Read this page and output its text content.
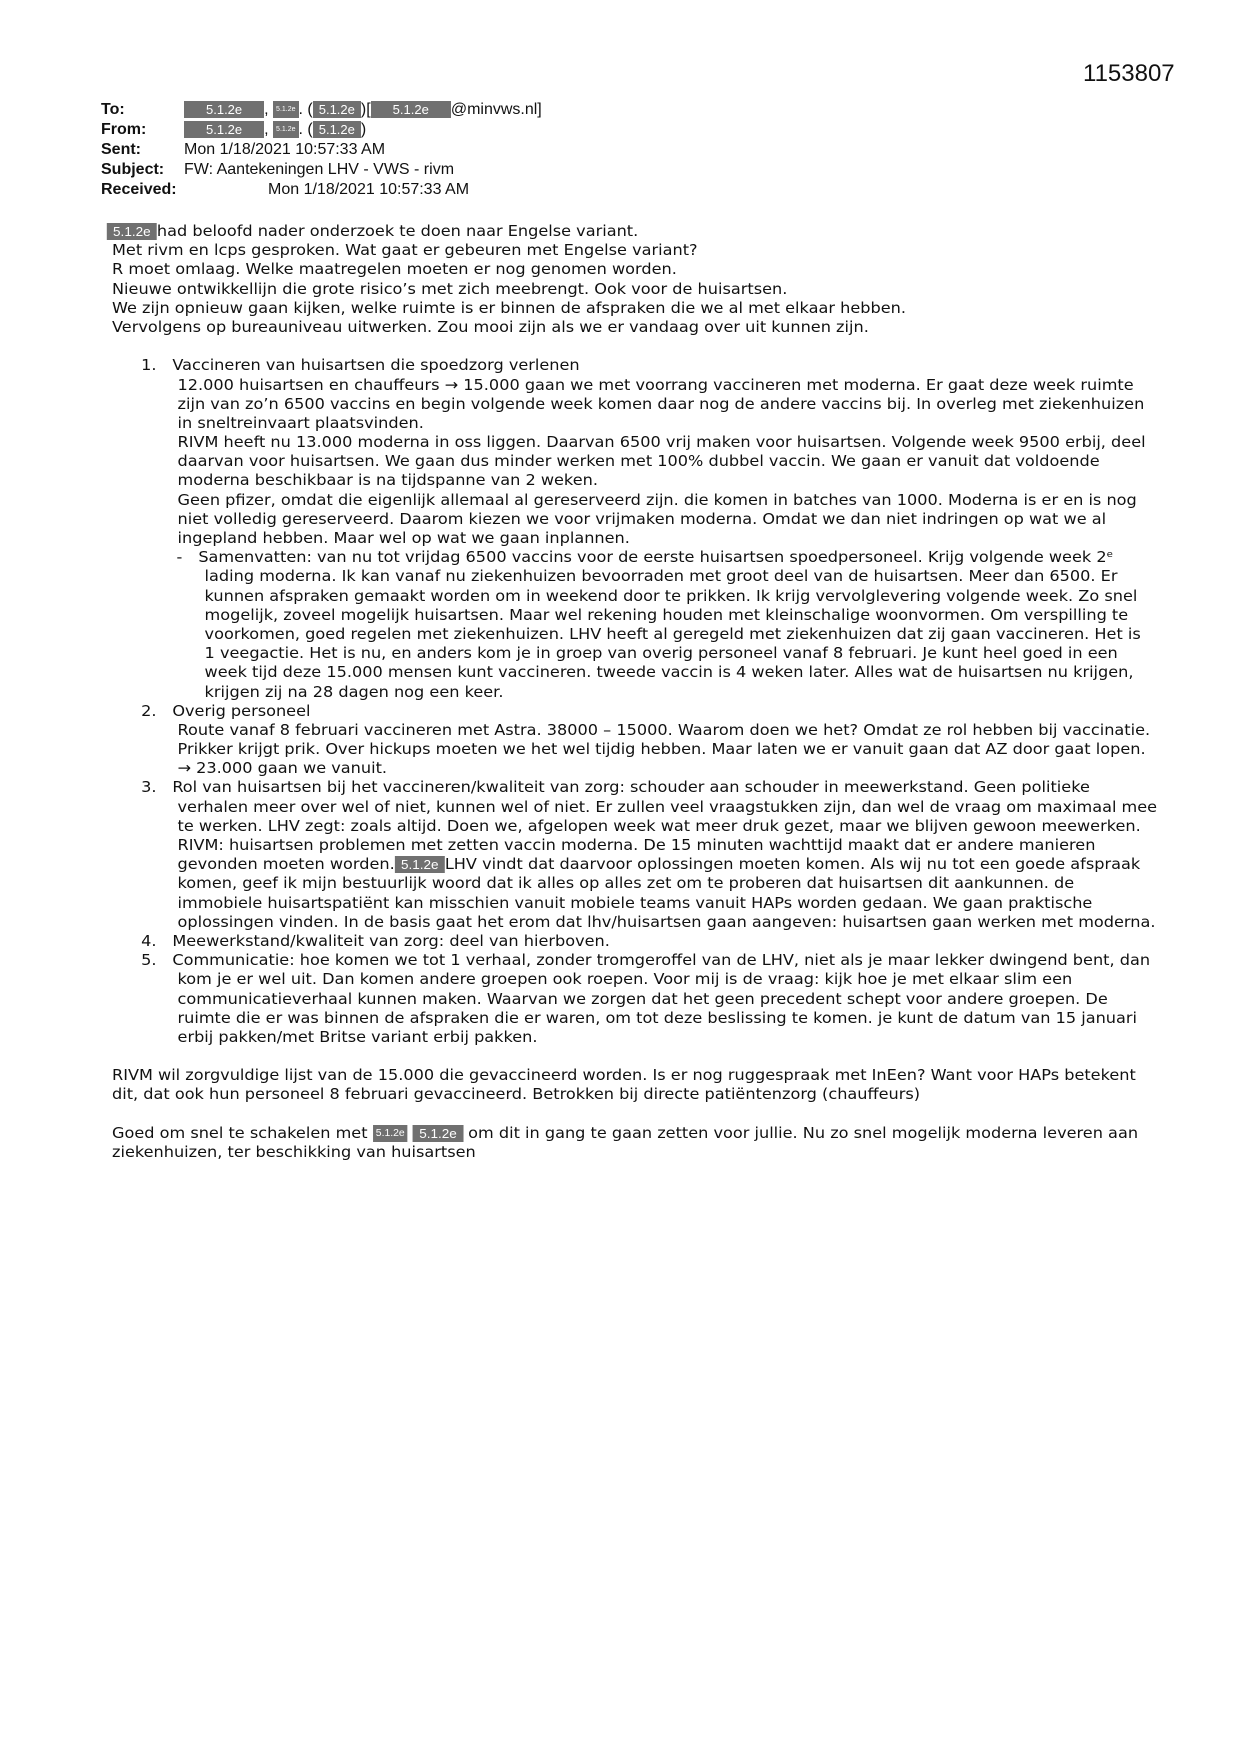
1153807
To:	5.1.2e , 5.1.2e . ( 5.1.2e )[ 5.1.2e @minvws.nl]
From:	5.1.2e , 5.1.2e . ( 5.1.2e )
Sent:	Mon 1/18/2021 10:57:33 AM
Subject:	FW: Aantekeningen LHV - VWS - rivm
Received:	Mon 1/18/2021 10:57:33 AM
5.1.2e had beloofd nader onderzoek te doen naar Engelse variant.
Met rivm en lcps gesproken. Wat gaat er gebeuren met Engelse variant?
R moet omlaag. Welke maatregelen moeten er nog genomen worden.
Nieuwe ontwikkellijn die grote risico’s met zich meebrengt. Ook voor de huisartsen.
We zijn opnieuw gaan kijken, welke ruimte is er binnen de afspraken die we al met elkaar hebben.
Vervolgens op bureauniveau uitwerken. Zou mooi zijn als we er vandaag over uit kunnen zijn.
1. Vaccineren van huisartsen die spoedzorg verlenen
12.000 huisartsen en chauffeurs → 15.000 gaan we met voorrang vaccineren met moderna. Er gaat deze week ruimte
zijn van zo’n 6500 vaccins en begin volgende week komen daar nog de andere vaccins bij. In overleg met ziekenhuizen
in sneltreinvaart plaatsvinden.
RIVM heeft nu 13.000 moderna in oss liggen. Daarvan 6500 vrij maken voor huisartsen. Volgende week 9500 erbij, deel
daarvan voor huisartsen. We gaan dus minder werken met 100% dubbel vaccin. We gaan er vanuit dat voldoende
moderna beschikbaar is na tijdspanne van 2 weken.
Geen pfizer, omdat die eigenlijk allemaal al gereserveerd zijn. die komen in batches van 1000. Moderna is er en is nog
niet volledig gereserveerd. Daarom kiezen we voor vrijmaken moderna. Omdat we dan niet indringen op wat we al
ingepland hebben. Maar wel op wat we gaan inplannen.
- Samenvatten: van nu tot vrijdag 6500 vaccins voor de eerste huisartsen spoedpersoneel. Krijg volgende week 2ᵉ
lading moderna. Ik kan vanaf nu ziekenhuizen bevoorraden met groot deel van de huisartsen. Meer dan 6500. Er
kunnen afspraken gemaakt worden om in weekend door te prikken. Ik krijg vervolglevering volgende week. Zo snel
mogelijk, zoveel mogelijk huisartsen. Maar wel rekening houden met kleinschalige woonvormen. Om verspilling te
voorkomen, goed regelen met ziekenhuizen. LHV heeft al geregeld met ziekenhuizen dat zij gaan vaccineren. Het is
1 veegactie. Het is nu, en anders kom je in groep van overig personeel vanaf 8 februari. Je kunt heel goed in een
week tijd deze 15.000 mensen kunt vaccineren. tweede vaccin is 4 weken later. Alles wat de huisartsen nu krijgen,
krijgen zij na 28 dagen nog een keer.
2. Overig personeel
Route vanaf 8 februari vaccineren met Astra. 38000 – 15000. Waarom doen we het? Omdat ze rol hebben bij vaccinatie.
Prikker krijgt prik. Over hickups moeten we het wel tijdig hebben. Maar laten we er vanuit gaan dat AZ door gaat lopen.
→ 23.000 gaan we vanuit.
3. Rol van huisartsen bij het vaccineren/kwaliteit van zorg: schouder aan schouder in meewerkstand. Geen politieke
verhalen meer over wel of niet, kunnen wel of niet. Er zullen veel vraagstukken zijn, dan wel de vraag om maximaal mee
te werken. LHV zegt: zoals altijd. Doen we, afgelopen week wat meer druk gezet, maar we blijven gewoon meewerken.
RIVM: huisartsen problemen met zetten vaccin moderna. De 15 minuten wachttijd maakt dat er andere manieren
gevonden moeten worden. 5.1.2e LHV vindt dat daarvoor oplossingen moeten komen. Als wij nu tot een goede afspraak
komen, geef ik mijn bestuurlijk woord dat ik alles op alles zet om te proberen dat huisartsen dit aankunnen. de
immobiele huisartspatiënt kan misschien vanuit mobiele teams vanuit HAPs worden gedaan. We gaan praktische
oplossingen vinden. In de basis gaat het erom dat lhv/huisartsen gaan aangeven: huisartsen gaan werken met moderna.
4. Meewerkstand/kwaliteit van zorg: deel van hierboven.
5. Communicatie: hoe komen we tot 1 verhaal, zonder tromgeroffel van de LHV, niet als je maar lekker dwingend bent, dan
kom je er wel uit. Dan komen andere groepen ook roepen. Voor mij is de vraag: kijk hoe je met elkaar slim een
communicatieverhaal kunnen maken. Waarvan we zorgen dat het geen precedent schept voor andere groepen. De
ruimte die er was binnen de afspraken die er waren, om tot deze beslissing te komen. je kunt de datum van 15 januari
erbij pakken/met Britse variant erbij pakken.
RIVM wil zorgvuldige lijst van de 15.000 die gevaccineerd worden. Is er nog ruggespraak met InEen? Want voor HAPs betekent
dit, dat ook hun personeel 8 februari gevaccineerd. Betrokken bij directe patiëntenzorg (chauffeurs)
Goed om snel te schakelen met 5.1.2e 5.1.2e om dit in gang te gaan zetten voor jullie. Nu zo snel mogelijk moderna leveren aan
ziekenhuizen, ter beschikking van huisartsen
